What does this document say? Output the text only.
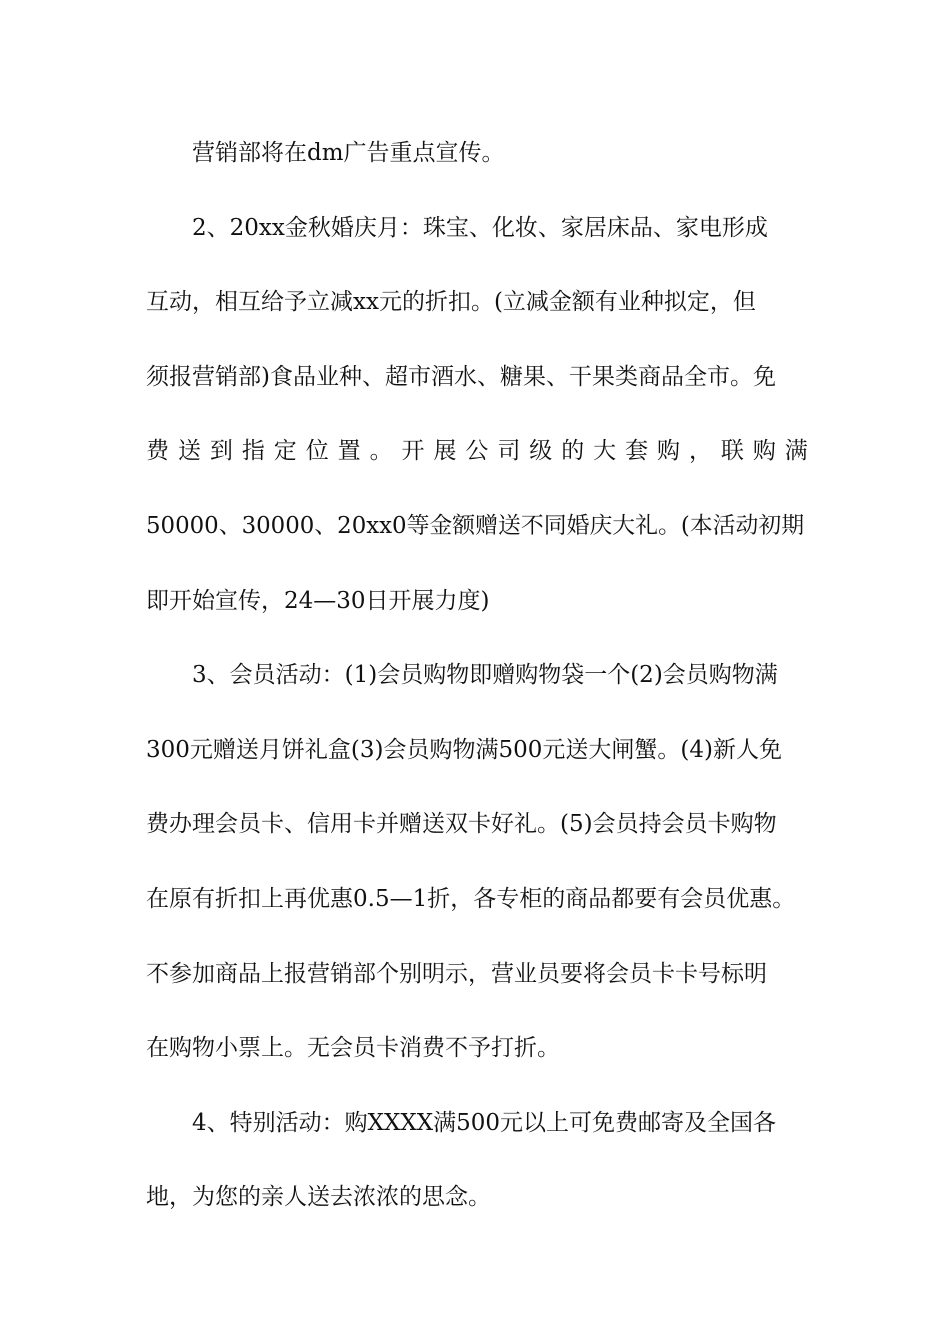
营销部将在dm广告重点宣传。
2、20xx金秋婚庆月：珠宝、化妆、家居床品、家电形成
互动，相互给予立减xx元的折扣。(立减金额有业种拟定，但
须报营销部)食品业种、超市酒水、糖果、干果类商品全市。免
费 送 到 指 定 位 置 。 开 展 公 司 级 的 大 套 购 ， 联 购 满
50000、30000、20xx0等金额赠送不同婚庆大礼。(本活动初期
即开始宣传，24—30日开展力度)
3、会员活动：(1)会员购物即赠购物袋一个(2)会员购物满
300元赠送月饼礼盒(3)会员购物满500元送大闸蟹。(4)新人免
费办理会员卡、信用卡并赠送双卡好礼。(5)会员持会员卡购物
在原有折扣上再优惠0.5—1折，各专柜的商品都要有会员优惠。
不参加商品上报营销部个别明示，营业员要将会员卡卡号标明
在购物小票上。无会员卡消费不予打折。
4、特别活动：购XXXX满500元以上可免费邮寄及全国各
地，为您的亲人送去浓浓的思念。
